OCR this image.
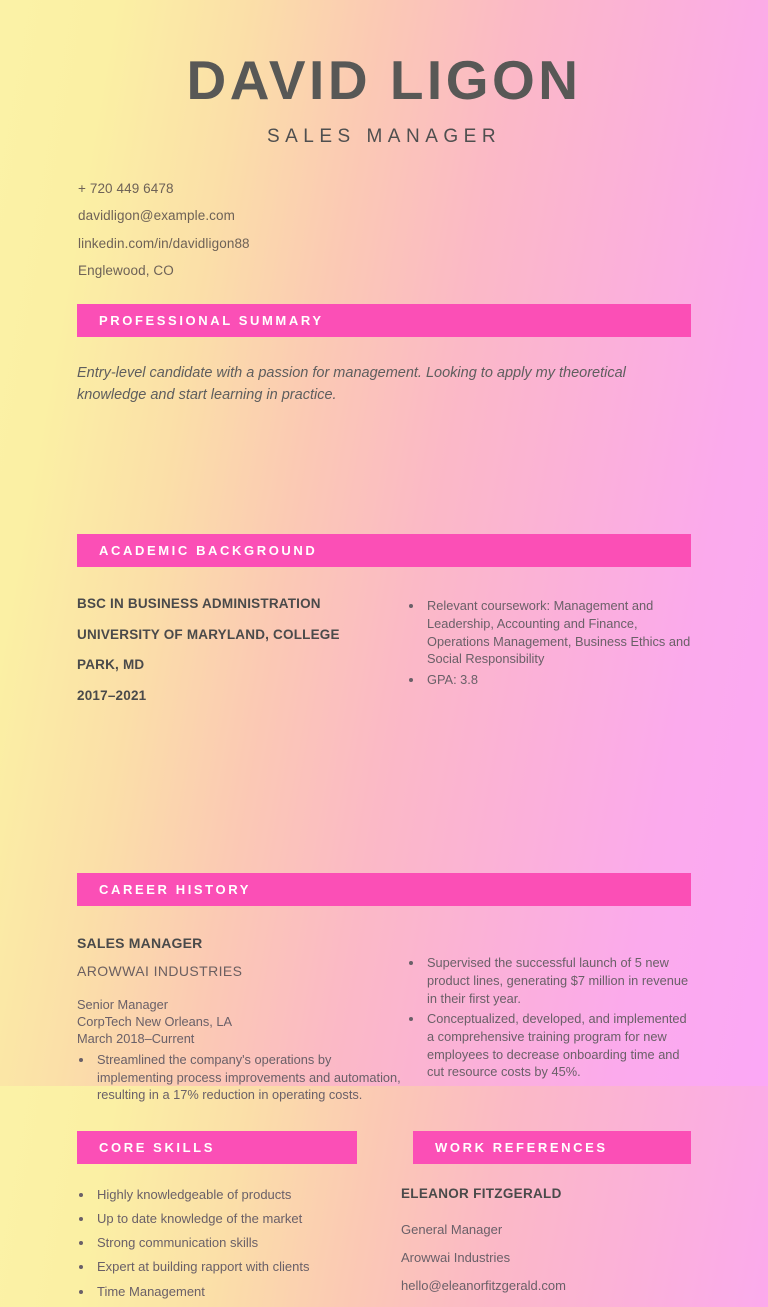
DAVID LIGON
SALES MANAGER
+ 720 449 6478
davidligon@example.com
linkedin.com/in/davidligon88
Englewood, CO
PROFESSIONAL SUMMARY

Entry-level candidate with a passion for management. Looking to apply my theoretical knowledge and start learning in practice.

ACADEMIC BACKGROUND
BSC IN BUSINESS ADMINISTRATION
UNIVERSITY OF MARYLAND, COLLEGE
PARK, MD
2017–2021
• Relevant coursework: Management and Leadership, Accounting and Finance, Operations Management, Business Ethics and Social Responsibility
• GPA: 3.8
CAREER HISTORY
SALES MANAGER
AROWWAI INDUSTRIES
Senior Manager
CorpTech New Orleans, LA
March 2018–Current
• Streamlined the company's operations by implementing process improvements and automation, resulting in a 17% reduction in operating costs.
• Supervised the successful launch of 5 new product lines, generating $7 million in revenue in their first year.
• Conceptualized, developed, and implemented a comprehensive training program for new employees to decrease onboarding time and cut resource costs by 45%.
CORE SKILLS	WORK REFERENCES
• Highly knowledgeable of products
• Up to date knowledge of the market
• Strong communication skills
• Expert at building rapport with clients
• Time Management
ELEANOR FITZGERALD
General Manager
Arowwai Industries
hello@eleanorfitzgerald.com
